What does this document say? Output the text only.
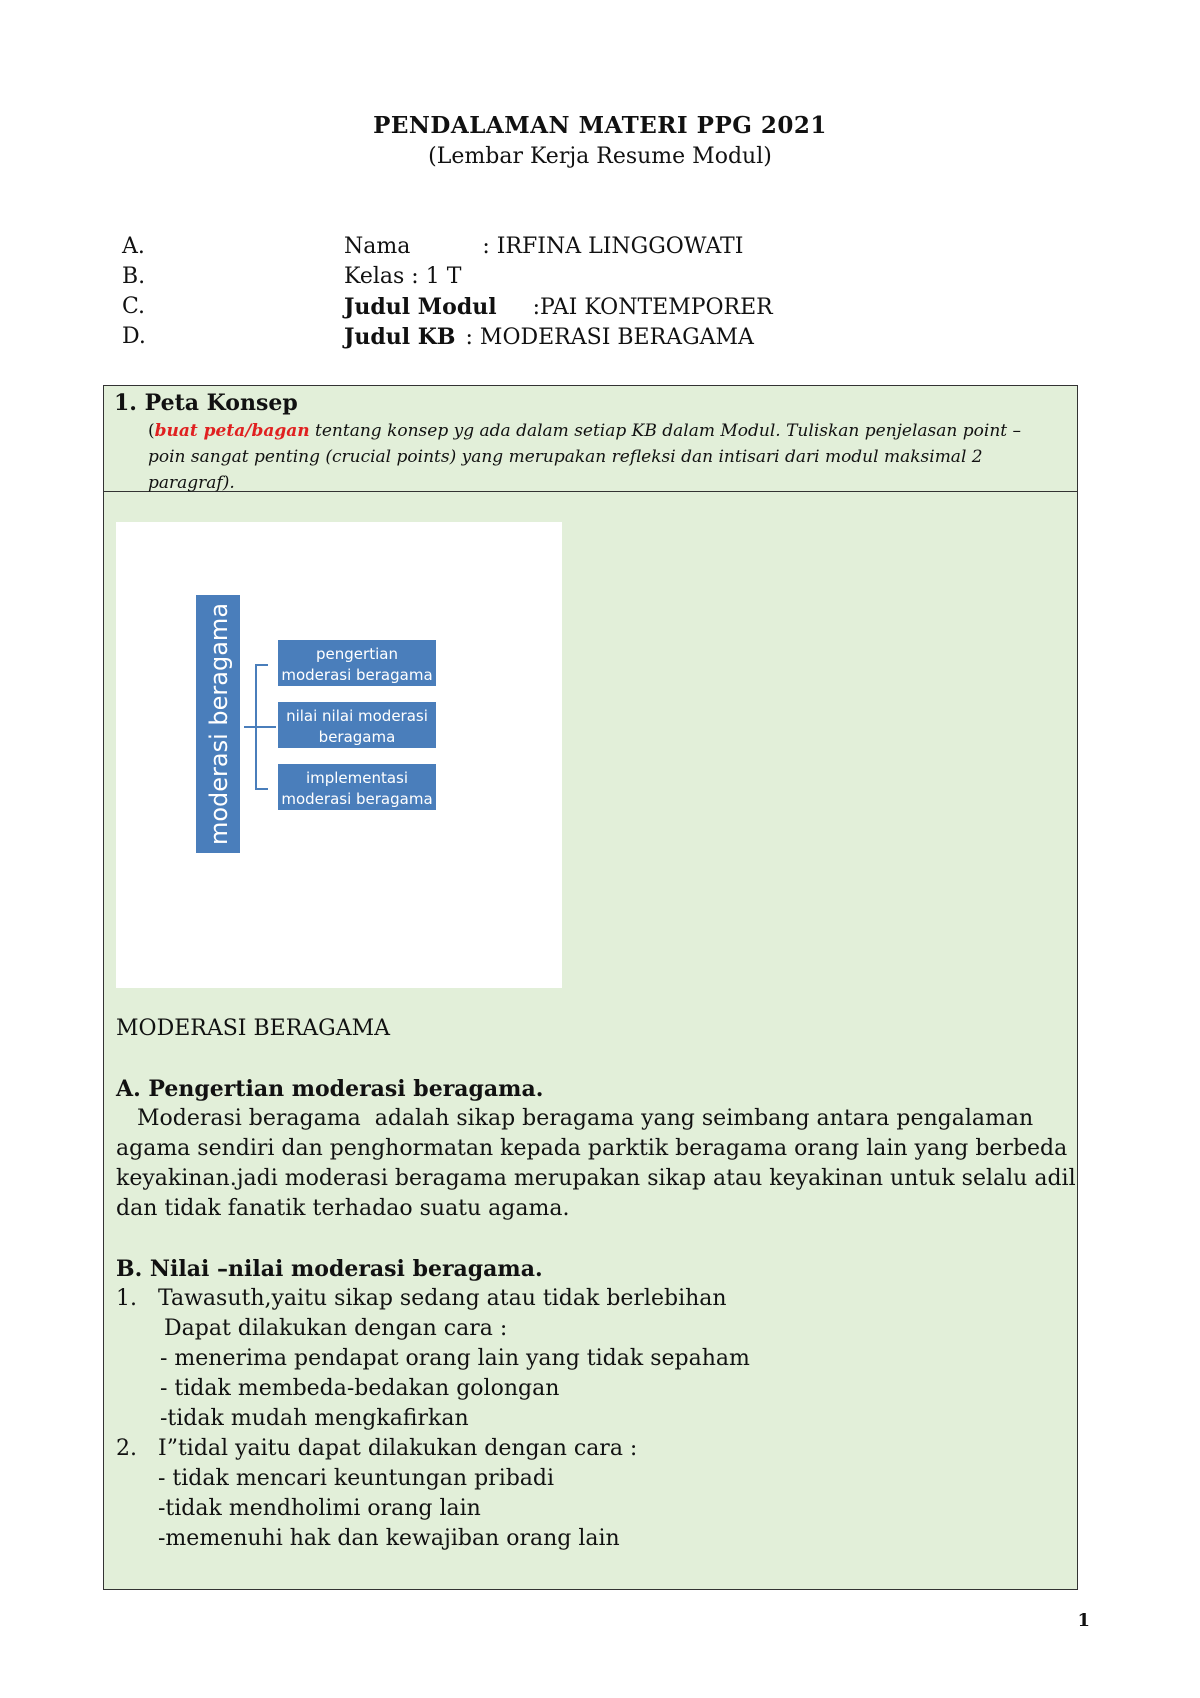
PENDALAMAN MATERI PPG 2021
(Lembar Kerja Resume Modul)
A.	Nama	: IRFINA LINGGOWATI
B.	Kelas : 1 T
C.	Judul Modul :PAI KONTEMPORER
D.	Judul KB : MODERASI BERAGAMA
1. Peta Konsep
(buat peta/bagan tentang konsep yg ada dalam setiap KB dalam Modul. Tuliskan penjelasan point –poin sangat penting (crucial points) yang merupakan refleksi dan intisari dari modul maksimal 2 paragraf).
moderasi beragama	pengertian
moderasi beragama
nilai nilai moderasi
beragama
implementasi
moderasi beragama

MODERASI BERAGAMA

A. Pengertian moderasi beragama.

Moderasi beragama  adalah sikap beragama yang seimbang antara pengalaman

agama sendiri dan penghormatan kepada parktik beragama orang lain yang berbeda

keyakinan.jadi moderasi beragama merupakan sikap atau keyakinan untuk selalu adil

dan tidak fanatik terhadao suatu agama.

B. Nilai –nilai moderasi beragama.

1. Tawasuth,yaitu sikap sedang atau tidak berlebihan

Dapat dilakukan dengan cara :

- menerima pendapat orang lain yang tidak sepaham

- tidak membeda-bedakan golongan

-tidak mudah mengkafirkan

2. I”tidal yaitu dapat dilakukan dengan cara :

- tidak mencari keuntungan pribadi

-tidak mendholimi orang lain

-memenuhi hak dan kewajiban orang lain

1
